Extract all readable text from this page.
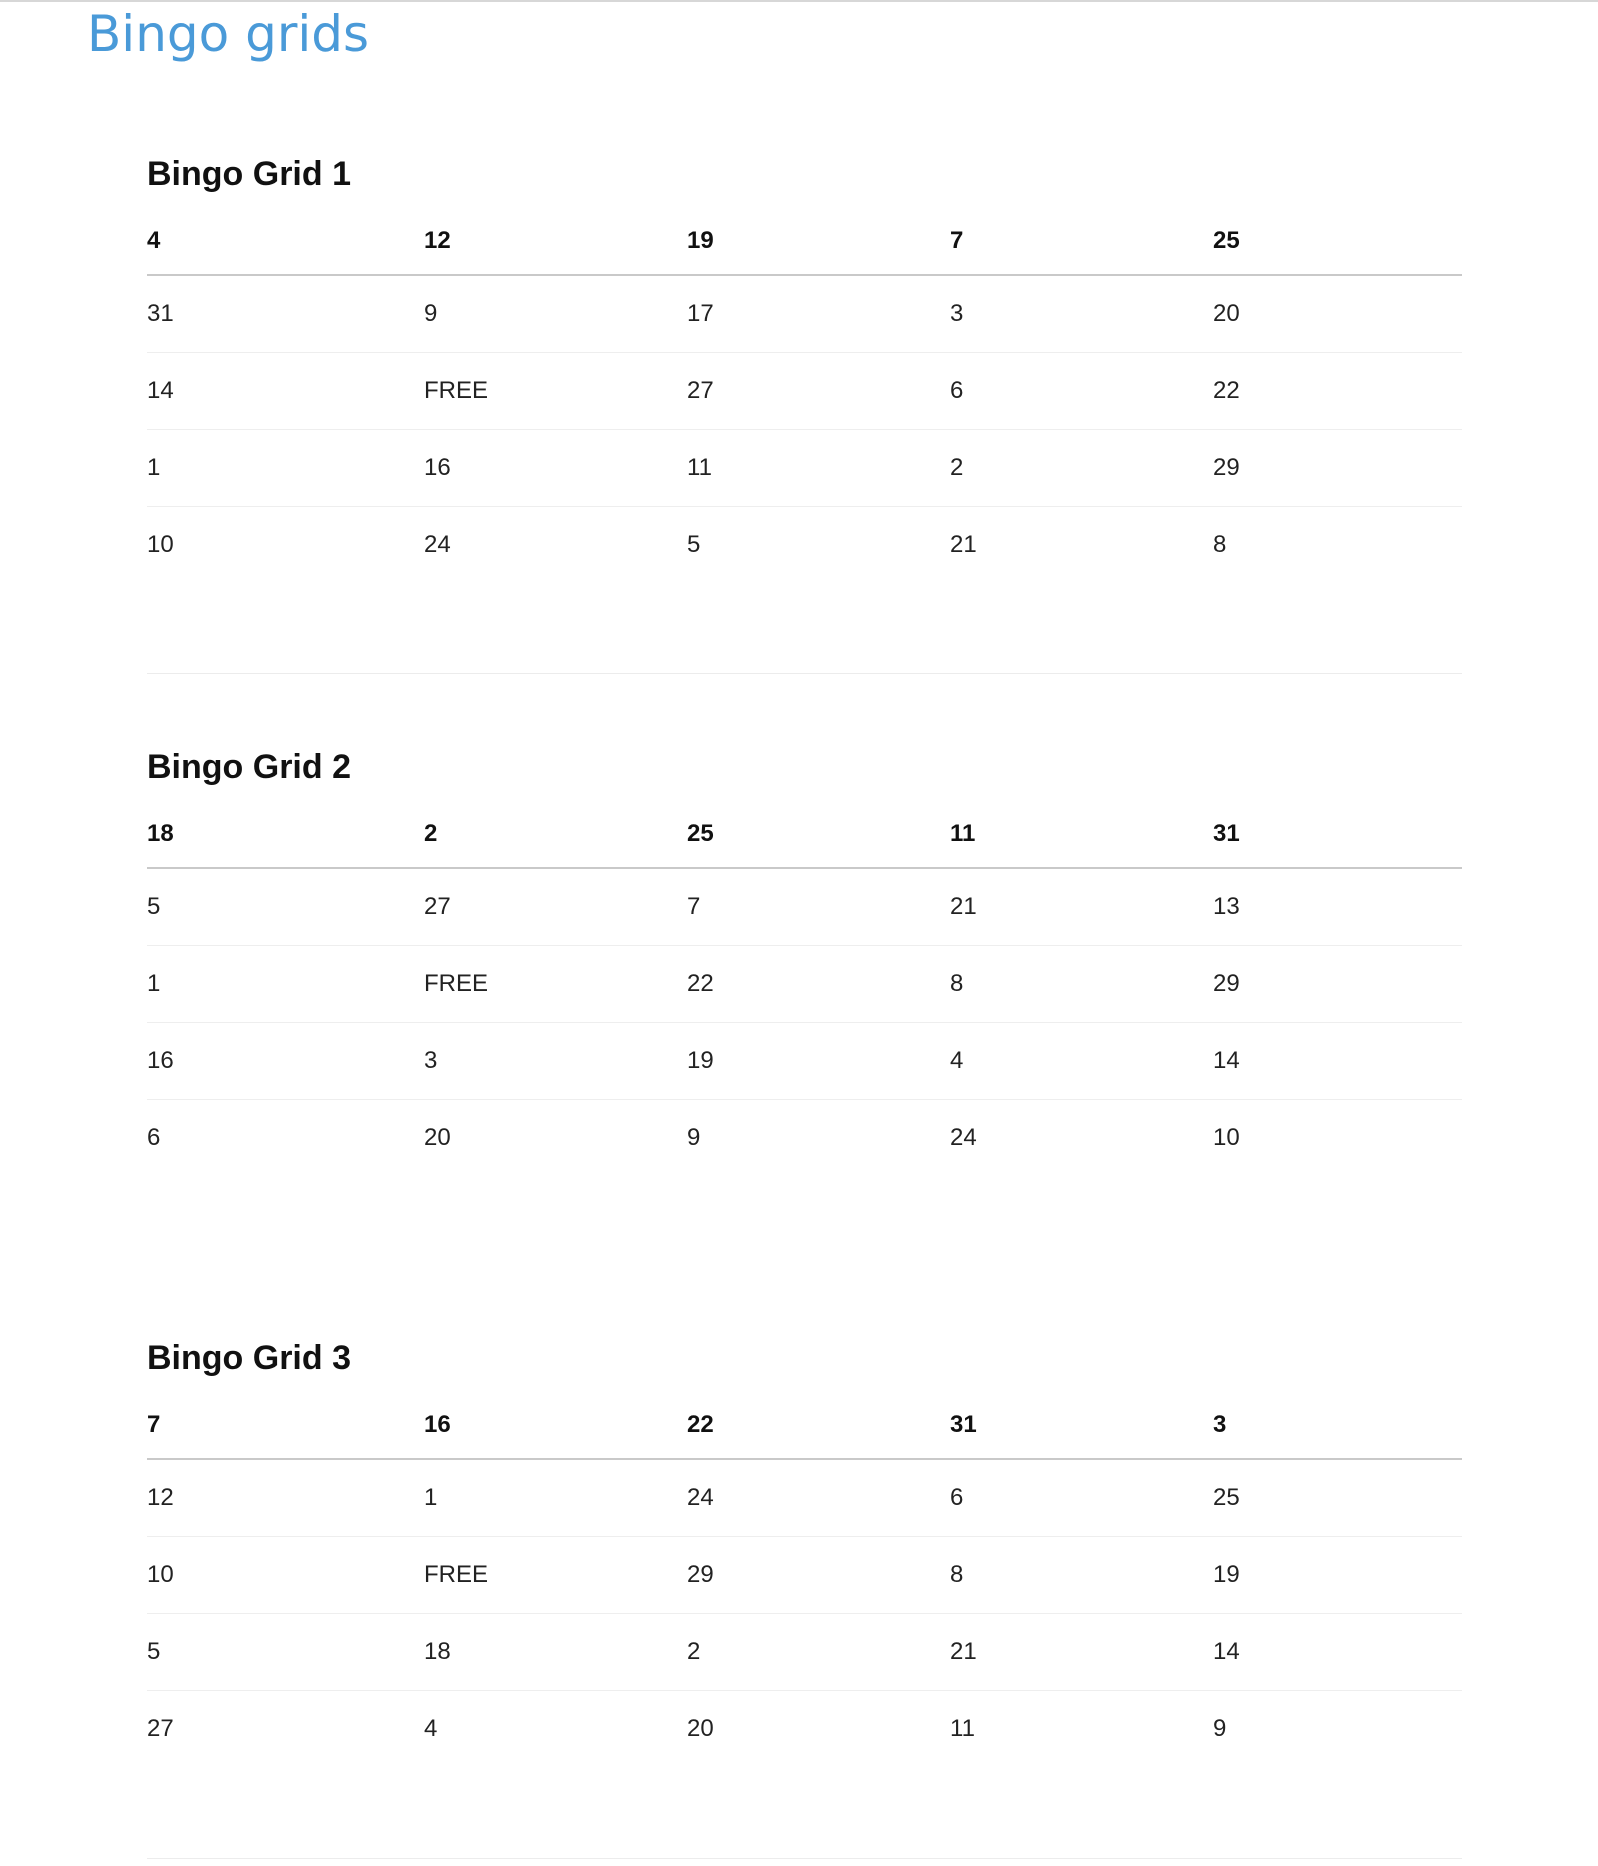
Bingo grids
Bingo Grid 1
4	12	19	7	25
31	9	17	3	20
14	FREE	27	6	22
1	16	11	2	29
10	24	5	21	8
Bingo Grid 2
18	2	25	11	31
5	27	7	21	13
1	FREE	22	8	29
16	3	19	4	14
6	20	9	24	10
Bingo Grid 3
7	16	22	31	3
12	1	24	6	25
10	FREE	29	8	19
5	18	2	21	14
27	4	20	11	9
